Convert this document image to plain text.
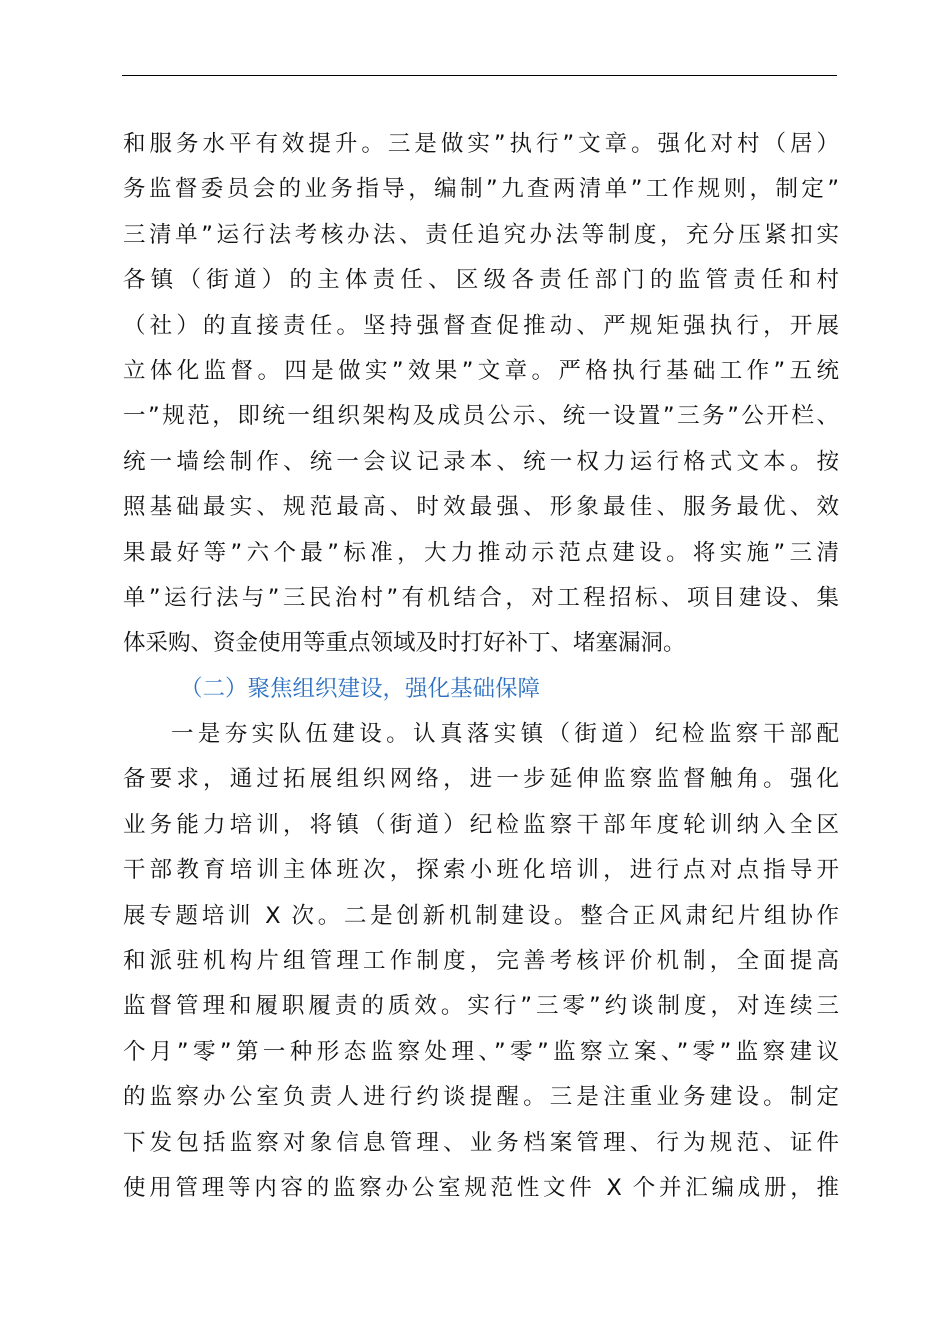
和服务水平有效提升。三是做实”执行”文章。强化对村（居）
务监督委员会的业务指导，编制”九查两清单”工作规则，制定”
三清单”运行法考核办法、责任追究办法等制度，充分压紧扣实
各镇（街道）的主体责任、区级各责任部门的监管责任和村
（社）的直接责任。坚持强督查促推动、严规矩强执行，开展
立体化监督。四是做实”效果”文章。严格执行基础工作”五统
一”规范，即统一组织架构及成员公示、统一设置”三务”公开栏、
统一墙绘制作、统一会议记录本、统一权力运行格式文本。按
照基础最实、规范最高、时效最强、形象最佳、服务最优、效
果最好等”六个最”标准，大力推动示范点建设。将实施”三清
单”运行法与”三民治村”有机结合，对工程招标、项目建设、集
体采购、资金使用等重点领域及时打好补丁、堵塞漏洞。
（二）聚焦组织建设，强化基础保障
一是夯实队伍建设。认真落实镇（街道）纪检监察干部配
备要求，通过拓展组织网络，进一步延伸监察监督触角。强化
业务能力培训，将镇（街道）纪检监察干部年度轮训纳入全区
干部教育培训主体班次，探索小班化培训，进行点对点指导开
展专题培训 X 次。二是创新机制建设。整合正风肃纪片组协作
和派驻机构片组管理工作制度，完善考核评价机制，全面提高
监督管理和履职履责的质效。实行”三零”约谈制度，对连续三
个月”零”第一种形态监察处理、”零”监察立案、”零”监察建议
的监察办公室负责人进行约谈提醒。三是注重业务建设。制定
下发包括监察对象信息管理、业务档案管理、行为规范、证件
使用管理等内容的监察办公室规范性文件 X 个并汇编成册，推
